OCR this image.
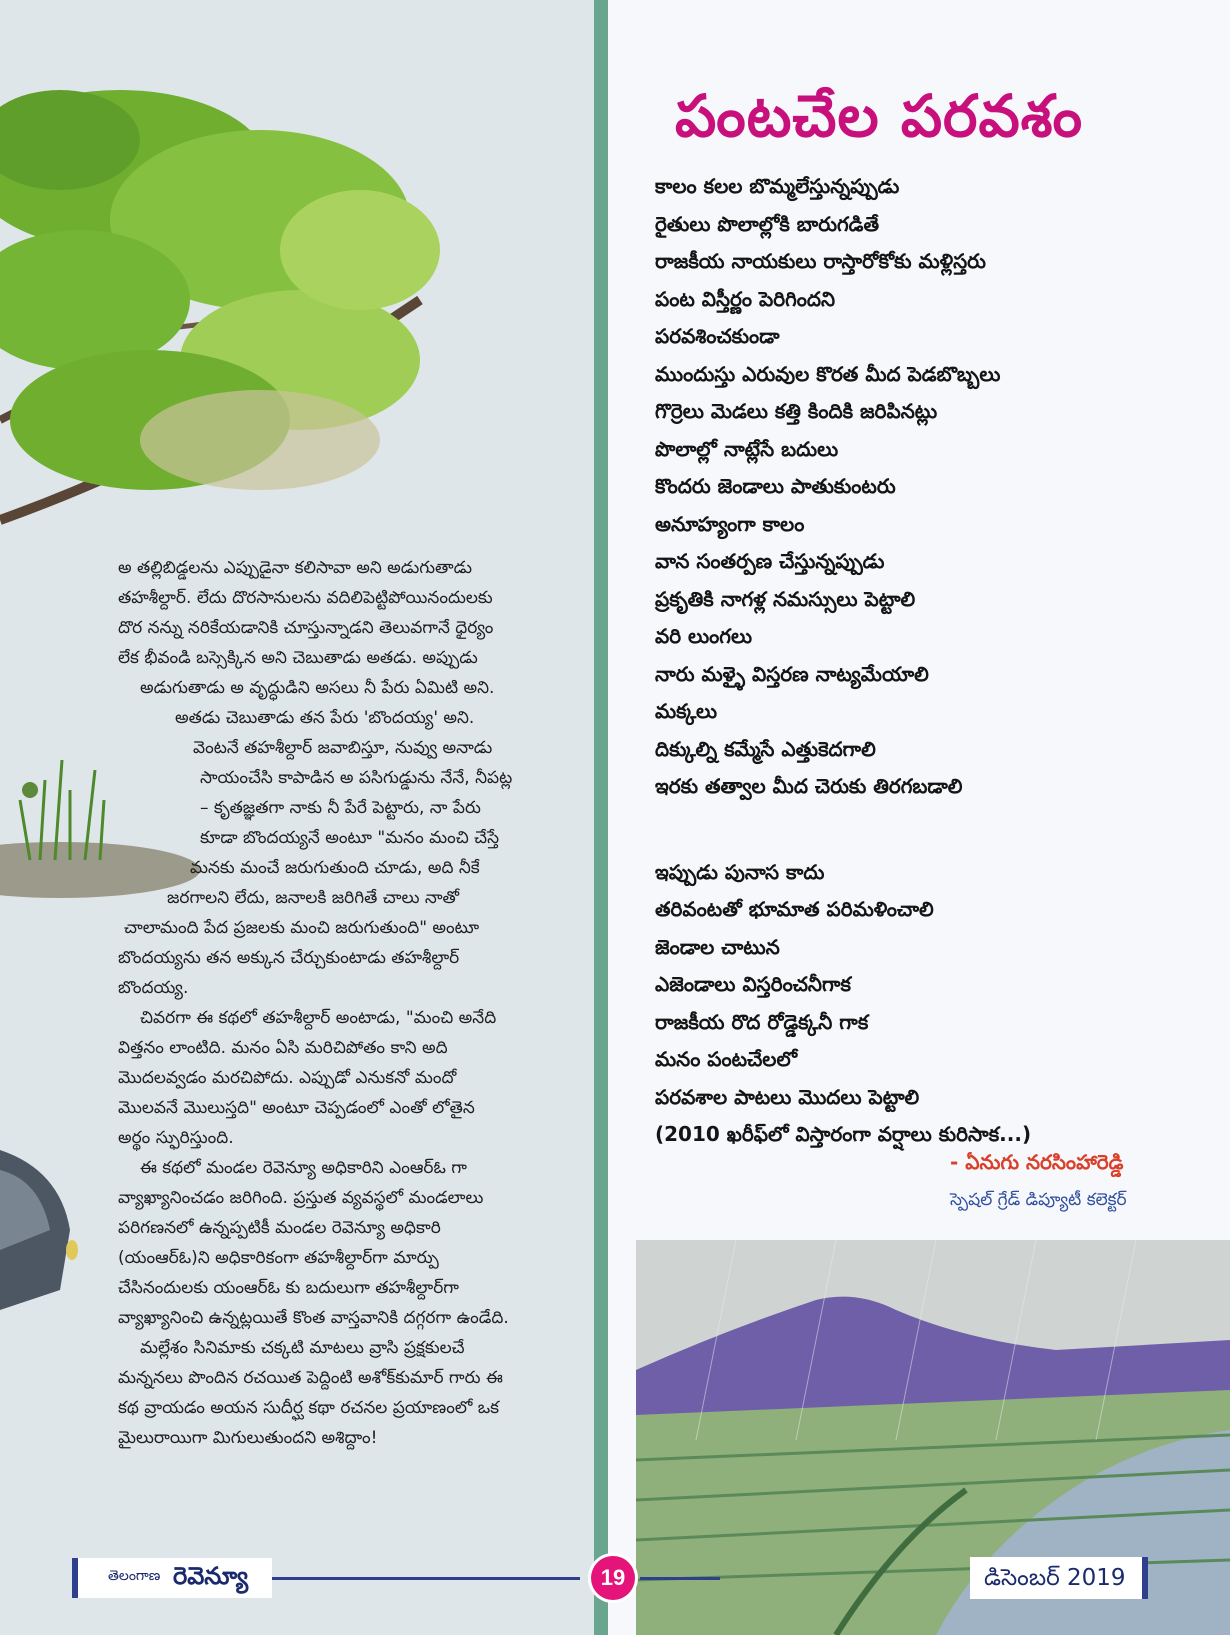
అ తల్లిబిడ్డలను ఎప్పుడైనా కలిసావా అని అడుగుతాడు
తహశీల్దార్. లేదు దొరసానులను వదిలిపెట్టిపోయినందులకు
దొర నన్ను నరికేయడానికి చూస్తున్నాడని తెలువగానే ధైర్యం
లేక భీవండి బస్సెక్కిన అని చెబుతాడు అతడు. అప్పుడు
అడుగుతాడు అ వృద్ధుడిని అసలు నీ పేరు ఏమిటి అని.
అతడు చెబుతాడు తన పేరు 'బొందయ్య' అని.
వెంటనే తహశీల్దార్ జవాబిస్తూ, నువ్వు అనాడు
సాయంచేసి కాపాడిన అ పసిగుడ్డును నేనే, నీపట్ల
– కృతజ్ఞతగా నాకు నీ పేరే పెట్టారు, నా పేరు
కూడా బొందయ్యనే అంటూ "మనం మంచి చేస్తే
మనకు మంచే జరుగుతుంది చూడు, అది నీకే
జరగాలని లేదు, జనాలకి జరిగితే చాలు నాతో
చాలామంది పేద ప్రజలకు మంచి జరుగుతుంది" అంటూ
బొందయ్యను తన అక్కున చేర్చుకుంటాడు తహశీల్దార్
బొందయ్య.
చివరగా ఈ కథలో తహశీల్దార్ అంటాడు, "మంచి అనేది
విత్తనం లాంటిది. మనం ఏసి మరిచిపోతం కాని అది
మొదలవ్వడం మరచిపోదు. ఎప్పుడో ఎనుకనో మందో
మొలవనే మొలుస్తది" అంటూ చెప్పడంలో ఎంతో లోతైన
అర్థం స్ఫురిస్తుంది.
ఈ కథలో మండల రెవెన్యూ అధికారిని ఎంఆర్ఓ గా
వ్యాఖ్యానించడం జరిగింది. ప్రస్తుత వ్యవస్థలో మండలాలు
పరిగణనలో ఉన్నప్పటికీ మండల రెవెన్యూ అధికారి
(యంఆర్ఓ)ని అధికారికంగా తహశీల్దార్‌గా మార్పు
చేసినందులకు యంఆర్ఓ కు బదులుగా తహశీల్దార్‌గా
వ్యాఖ్యానించి ఉన్నట్లయితే కొంత వాస్తవానికి దగ్గరగా ఉండేది.
మల్లేశం సినిమాకు చక్కటి మాటలు వ్రాసి ప్రక్షకులచే
మన్ననలు పొందిన రచయిత పెద్దింటి అశోక్‌కుమార్ గారు ఈ
కథ వ్రాయడం అయన సుదీర్ఘ కథా రచనల ప్రయాణంలో ఒక
మైలురాయిగా మిగులుతుందని అశిద్దాం!
పంటచేల పరవశం
కాలం కలల బొమ్మలేస్తున్నప్పుడు
రైతులు పొలాల్లోకి బారుగడితే
రాజకీయ నాయకులు రాస్తారోకోకు మళ్లిస్తరు
పంట విస్తీర్ణం పెరిగిందని
పరవశించకుండా
ముందుస్తు ఎరువుల కొరత మీద పెడబొబ్బలు
గొర్రెలు మెడలు కత్తి కిందికి జరిపినట్లు
పొలాల్లో నాట్లేసే బదులు
కొందరు జెండాలు పాతుకుంటరు
అనూహ్యంగా కాలం
వాన సంతర్పణ చేస్తున్నప్పుడు
ప్రకృతికి నాగళ్ల నమస్సులు పెట్టాలి
వరి లుంగలు
నారు మళ్ళై విస్తరణ నాట్యమేయాలి
మక్కలు
దిక్కుల్ని కమ్మేసే ఎత్తుకెదగాలి
ఇరకు తత్వాల మీద చెరుకు తిరగబడాలి
ఇప్పుడు పునాస కాదు
తరివంటతో భూమాత పరిమళించాలి
జెండాల చాటున
ఎజెండాలు విస్తరించనీగాక
రాజకీయ రొద రోడ్డెక్కనీ గాక
మనం పంటచేలలో
పరవశాల పాటలు మొదలు పెట్టాలి
(2010 ఖరీఫ్‌లో విస్తారంగా వర్షాలు కురిసాక...)
- ఏనుగు నరసింహారెడ్డి
స్పెషల్ గ్రేడ్ డిప్యూటీ కలెక్టర్
తెలంగాణ రెవెన్యూ	19	డిసెంబర్ 2019
